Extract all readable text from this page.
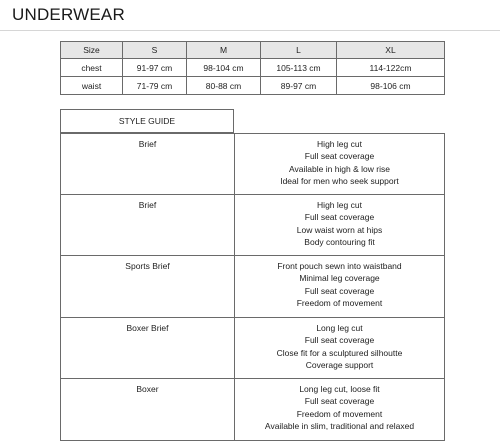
UNDERWEAR
Size	S	M	L	XL
chest	91-97 cm	98-104 cm	105-113 cm	114-122cm
waist	71-79 cm	80-88 cm	89-97 cm	98-106 cm
STYLE GUIDE
Brief	High leg cut
Full seat coverage
Available in high & low rise
Ideal for men who seek support

Brief	High leg cut
Full seat coverage
Low waist worn at hips
Body contouring fit

Sports Brief	Front pouch sewn into waistband
Minimal leg coverage
Full seat coverage
Freedom of movement

Boxer Brief	Long leg cut
Full seat coverage
Close fit for a sculptured silhoutte
Coverage support

Boxer	Long leg cut, loose fit
Full seat coverage
Freedom of movement
Available in slim, traditional and relaxed
